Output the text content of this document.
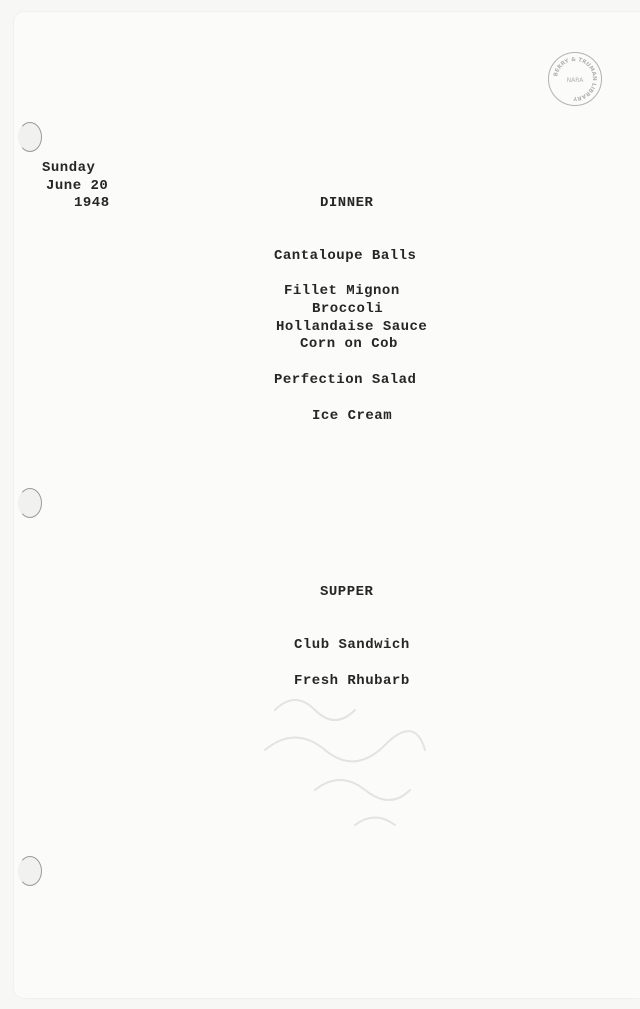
BERRY & TRUMAN LIBRARY
NARA
Sunday
June 20
1948	DINNER
Cantaloupe Balls
Fillet Mignon
Broccoli
Hollandaise Sauce
Corn on Cob
Perfection Salad
Ice Cream
SUPPER
Club Sandwich
Fresh Rhubarb
